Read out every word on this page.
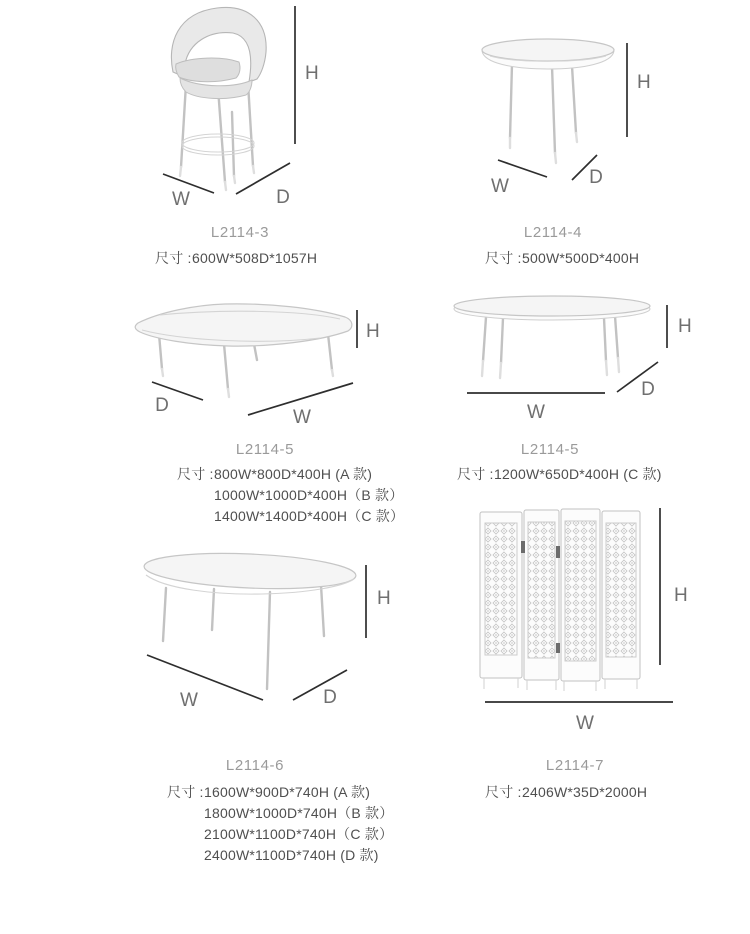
H
W	D
L2114-3
尺寸 :600W*508D*1057H
H
W	D
L2114-4
尺寸 :500W*500D*400H
H
D
W
L2114-5
尺寸 :800W*800D*400H (A 款)
1000W*1000D*400H（B 款）
1400W*1400D*400H（C 款）
H
D
W
L2114-5
尺寸 :1200W*650D*400H (C 款)
H
W	D
L2114-6
尺寸 :1600W*900D*740H (A 款)
1800W*1000D*740H（B 款）
2100W*1100D*740H（C 款）
2400W*1100D*740H (D 款)
H
W
L2114-7
尺寸 :2406W*35D*2000H
